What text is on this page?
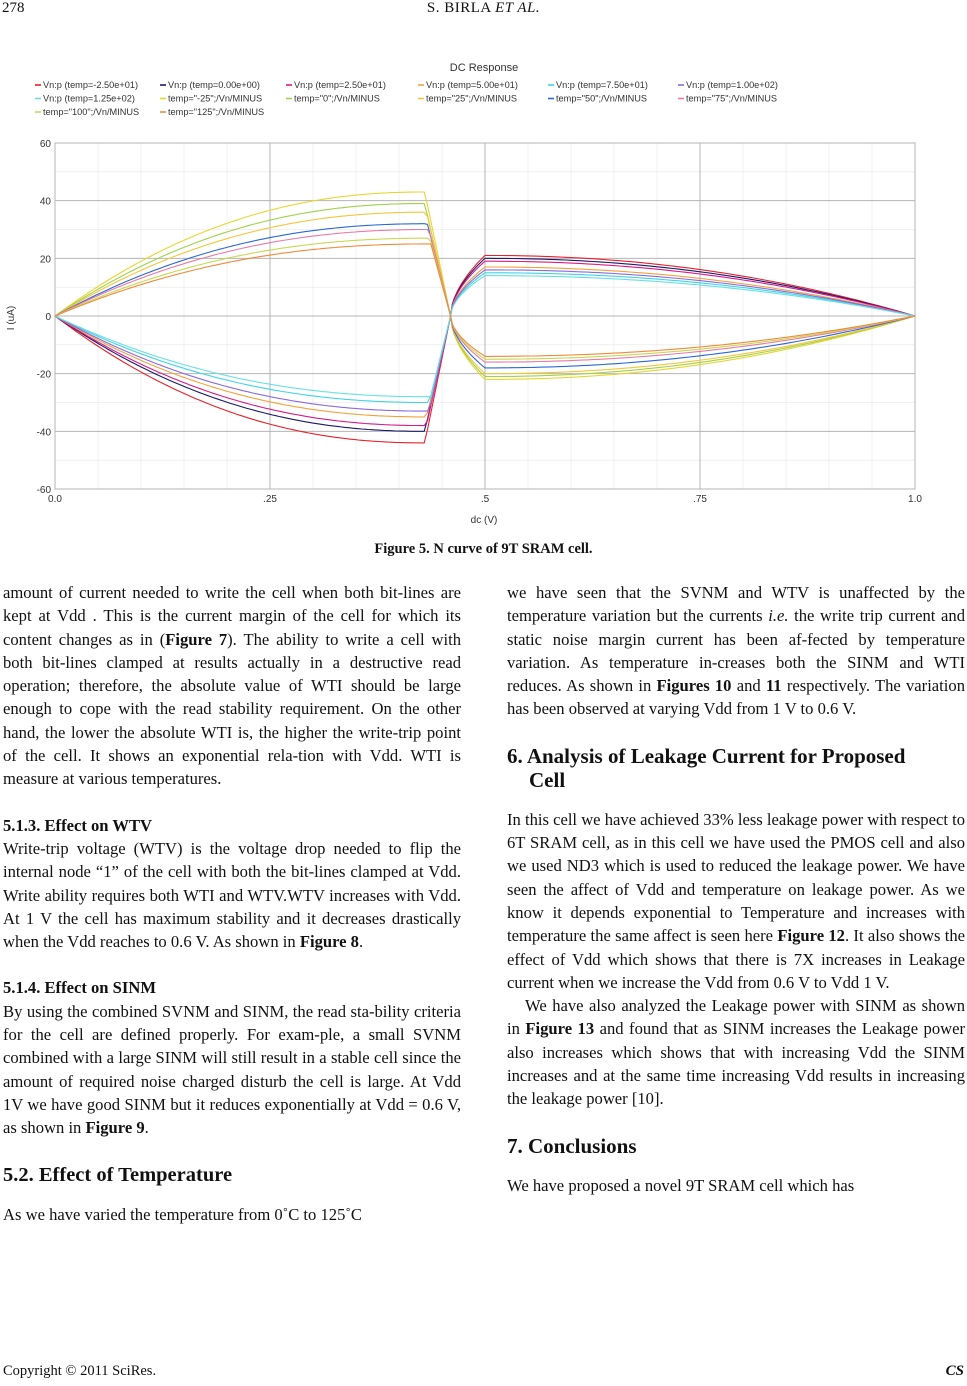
278	S. BIRLA ET AL.
DC Response
Vn:p (temp=-2.50e+01)	Vn:p (temp=0.00e+00)	Vn:p (temp=2.50e+01)	Vn:p (temp=5.00e+01)	Vn:p (temp=7.50e+01)	Vn:p (temp=1.00e+02)
Vn:p (temp=1.25e+02)	temp="-25";/Vn/MINUS	temp="0";/Vn/MINUS	temp="25";/Vn/MINUS	temp="50";/Vn/MINUS	temp="75";/Vn/MINUS
temp="100";/Vn/MINUS	temp="125";/Vn/MINUS
0.0	.25	.5	.75	1.0
-60
-40
-20
0
20
40
60
dc (V)
I (uA)
Figure 5. N curve of 9T SRAM cell.

amount of current needed to write the cell when both bit-lines are kept at Vdd . This is the current margin of the cell for which its content changes as in (Figure 7). The ability to write a cell with both bit-lines clamped at results actually in a destructive read operation; therefore, the absolute value of WTI should be large enough to cope with the read stability requirement. On the other hand, the lower the absolute WTI is, the higher the write-trip point of the cell. It shows an exponential rela-tion with Vdd. WTI is measure at various temperatures.

5.1.3. Effect on WTV

Write-trip voltage (WTV) is the voltage drop needed to flip the internal node “1” of the cell with both the bit-lines clamped at Vdd. Write ability requires both WTI and WTV.WTV increases with Vdd. At 1 V the cell has maximum stability and it decreases drastically when the Vdd reaches to 0.6 V. As shown in Figure 8.

5.1.4. Effect on SINM

By using the combined SVNM and SINM, the read sta-bility criteria for the cell are defined properly. For exam-ple, a small SVNM combined with a large SINM will still result in a stable cell since the amount of required noise charged disturb the cell is large. At Vdd 1V we have good SINM but it reduces exponentially at Vdd = 0.6 V, as shown in Figure 9.

5.2. Effect of Temperature

As we have varied the temperature from 0˚C to 125˚C

we have seen that the SVNM and WTV is unaffected by the temperature variation but the currents i.e. the write trip current and static noise margin current has been af-fected by temperature variation. As temperature in-creases both the SINM and WTI reduces. As shown in Figures 10 and 11 respectively. The variation has been observed at varying Vdd from 1 V to 0.6 V.

6. Analysis of Leakage Current for Proposed
Cell

In this cell we have achieved 33% less leakage power with respect to 6T SRAM cell, as in this cell we have used the PMOS cell and also we used ND3 which is used to reduced the leakage power. We have seen the affect of Vdd and temperature on leakage power. As we know it depends exponential to Temperature and increases with temperature the same affect is seen here Figure 12. It also shows the effect of Vdd which shows that there is 7X increases in Leakage current when we increase the Vdd from 0.6 V to Vdd 1 V.

We have also analyzed the Leakage power with SINM as shown in Figure 13 and found that as SINM increases the Leakage power also increases which shows that with increasing Vdd the SINM increases and at the same time increasing Vdd results in increasing the leakage power [10].

7. Conclusions

We have proposed a novel 9T SRAM cell which has

Copyright © 2011 SciRes.	CS
